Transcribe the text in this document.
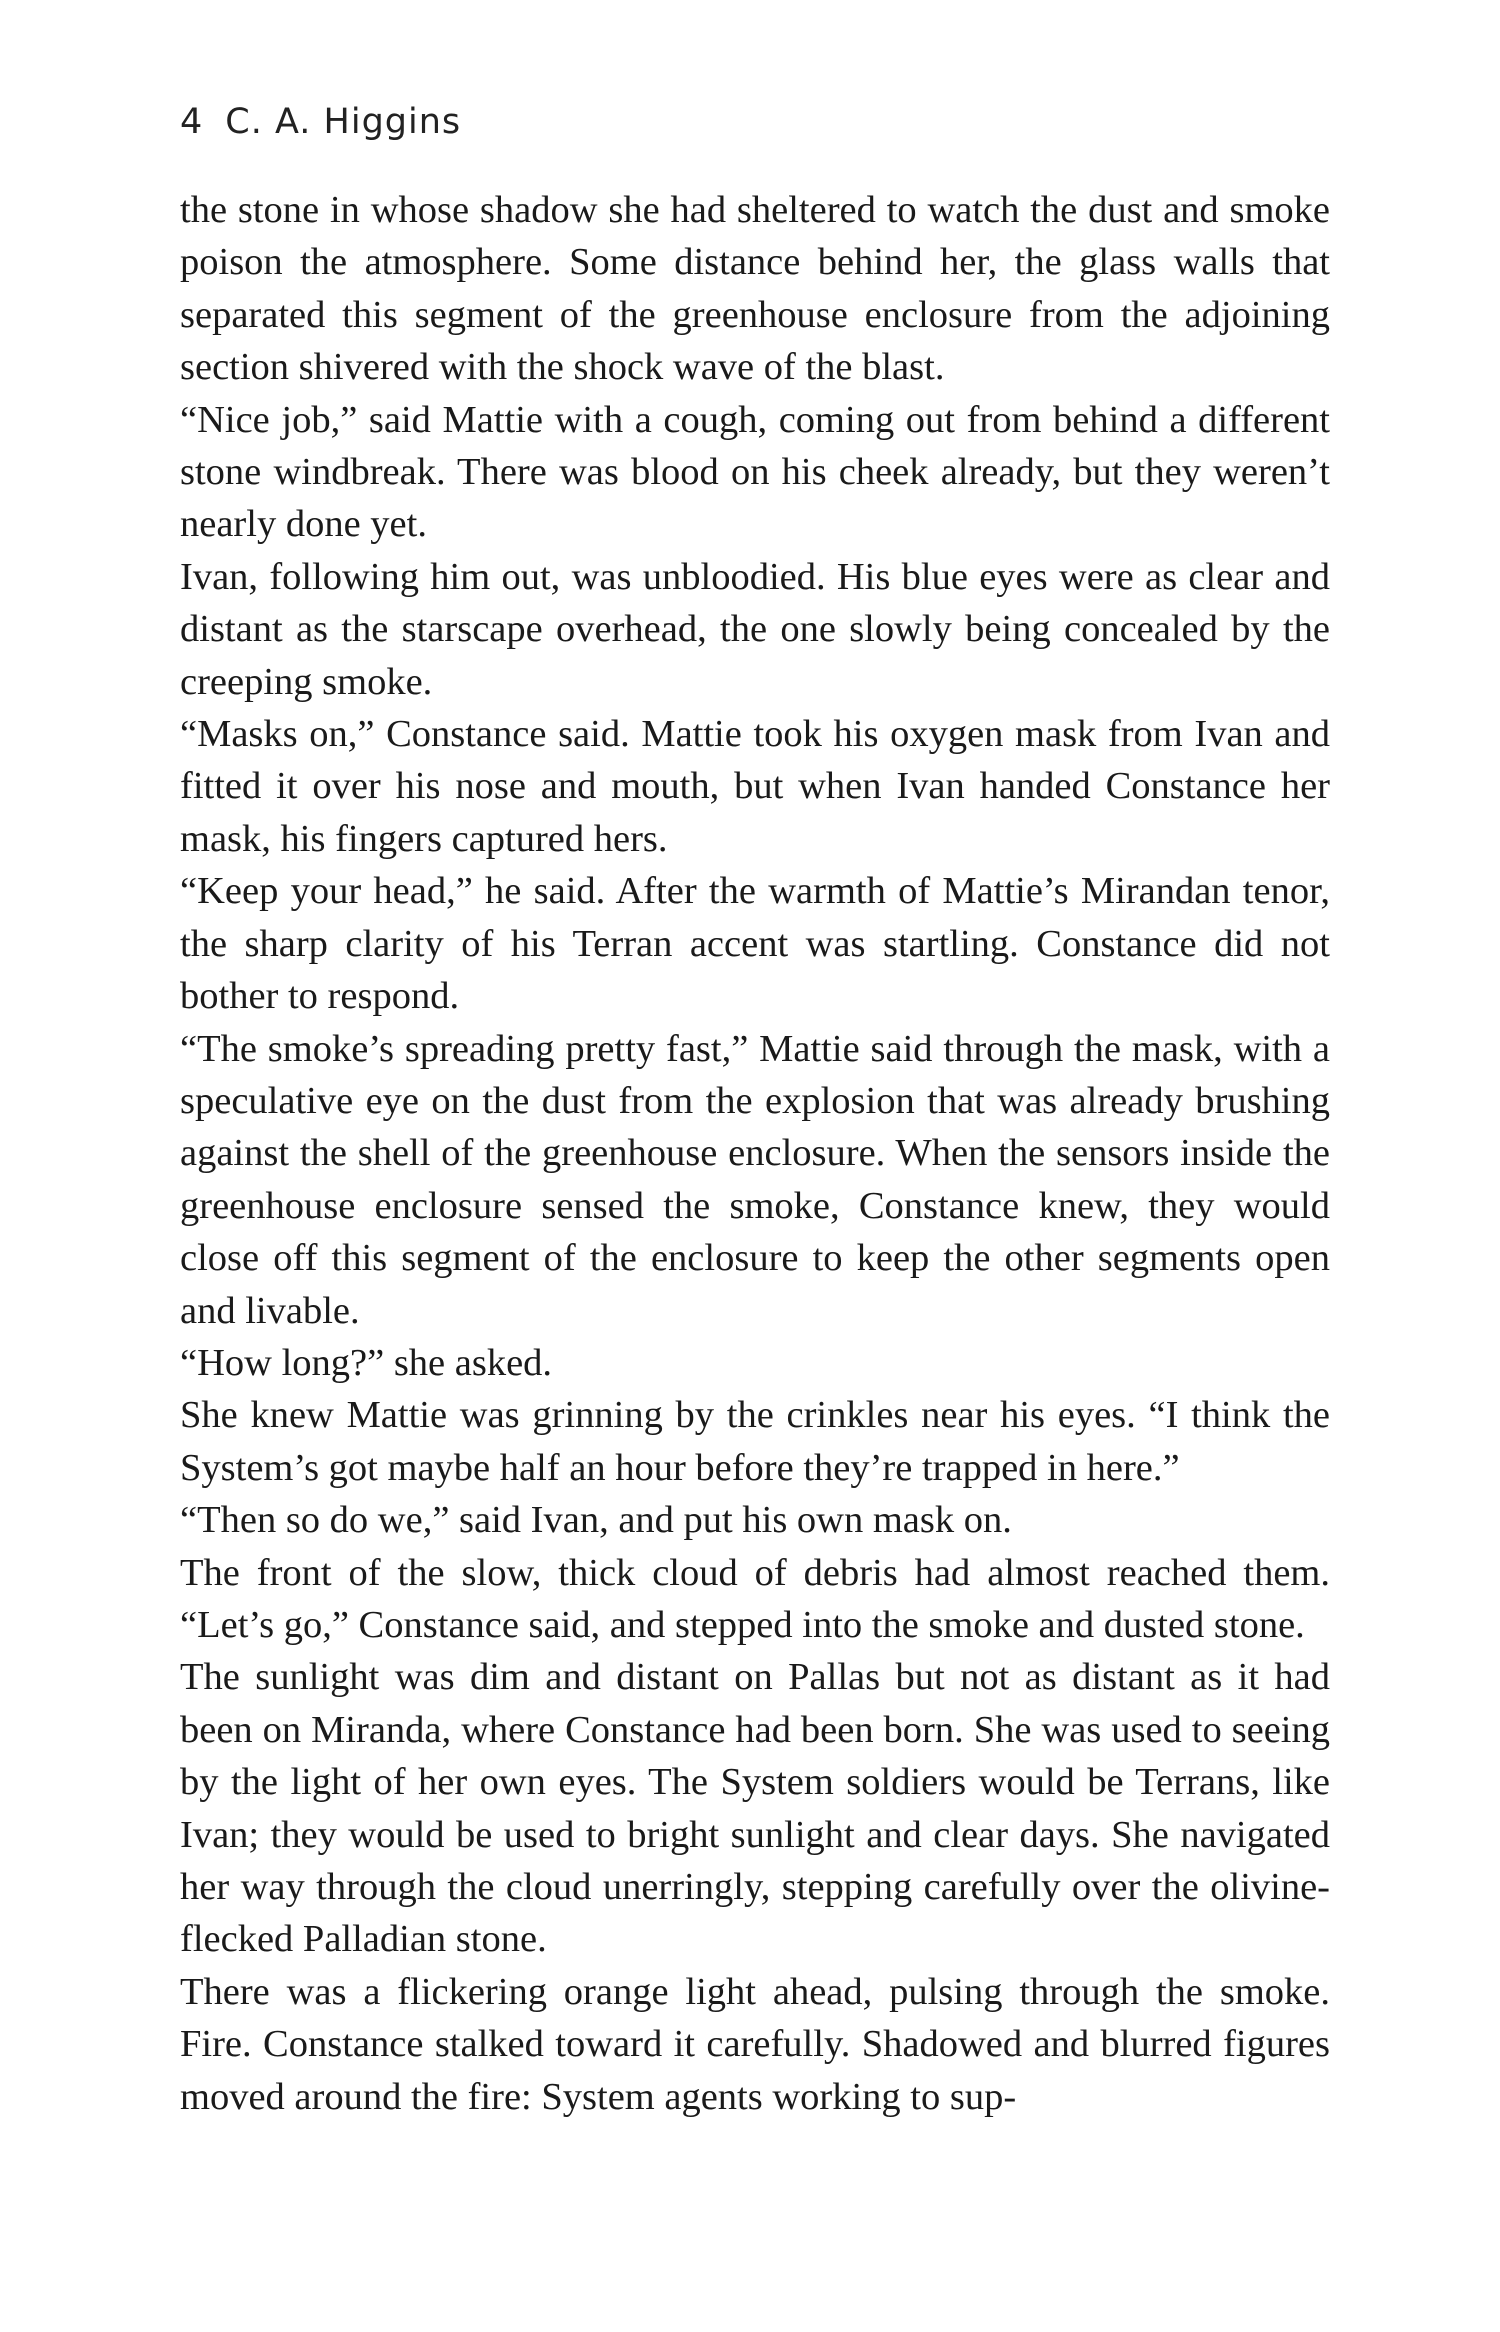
4 C. A. Higgins

the stone in whose shadow she had sheltered to watch the dust and smoke poison the atmosphere. Some distance behind her, the glass walls that separated this segment of the greenhouse enclosure from the adjoining section shivered with the shock wave of the blast.

“Nice job,” said Mattie with a cough, coming out from behind a different stone windbreak. There was blood on his cheek already, but they weren’t nearly done yet.

Ivan, following him out, was unbloodied. His blue eyes were as clear and distant as the starscape overhead, the one slowly being concealed by the creeping smoke.

“Masks on,” Constance said. Mattie took his oxygen mask from Ivan and fitted it over his nose and mouth, but when Ivan handed Constance her mask, his fingers captured hers.

“Keep your head,” he said. After the warmth of Mattie’s Mirandan tenor, the sharp clarity of his Terran accent was startling. Constance did not bother to respond.

“The smoke’s spreading pretty fast,” Mattie said through the mask, with a speculative eye on the dust from the explosion that was already brushing against the shell of the greenhouse enclosure. When the sensors inside the greenhouse enclosure sensed the smoke, Constance knew, they would close off this segment of the enclosure to keep the other segments open and livable.

“How long?” she asked.

She knew Mattie was grinning by the crinkles near his eyes. “I think the System’s got maybe half an hour before they’re trapped in here.”

“Then so do we,” said Ivan, and put his own mask on.

The front of the slow, thick cloud of debris had almost reached them. “Let’s go,” Constance said, and stepped into the smoke and dusted stone.

The sunlight was dim and distant on Pallas but not as distant as it had been on Miranda, where Constance had been born. She was used to seeing by the light of her own eyes. The System soldiers would be Terrans, like Ivan; they would be used to bright sunlight and clear days. She navigated her way through the cloud unerringly, stepping carefully over the olivine-flecked Palladian stone.

There was a flickering orange light ahead, pulsing through the smoke. Fire. Constance stalked toward it carefully. Shadowed and blurred figures moved around the fire: System agents working to sup-
